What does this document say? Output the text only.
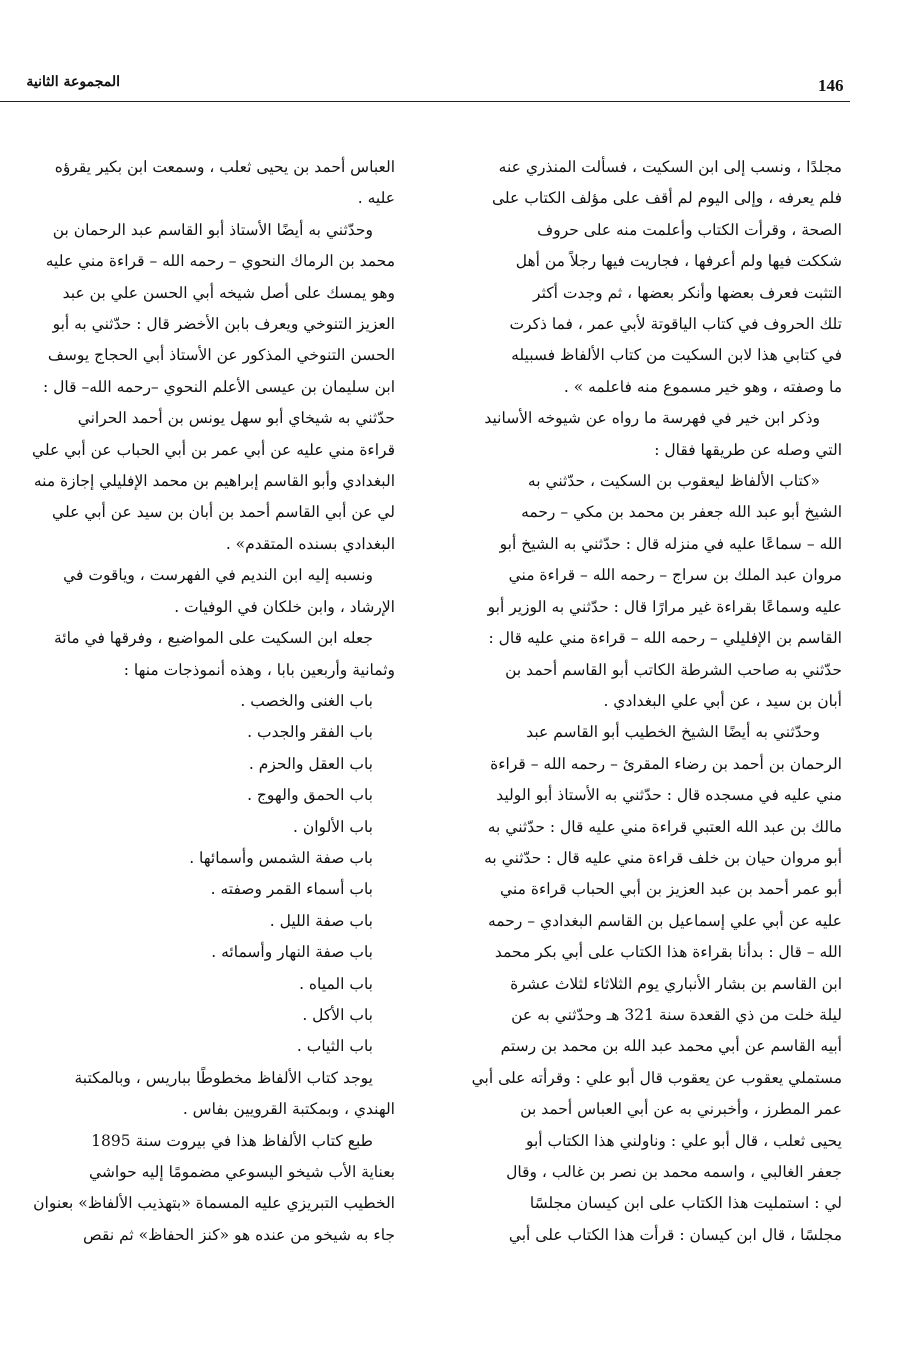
146
المجموعة الثانية
مجلدًا ، ونسب إلى ابن السكيت ، فسألت المنذري عنه
فلم يعرفه ، وإلى اليوم لم أقف على مؤلف الكتاب على
الصحة ، وقرأت الكتاب وأعلمت منه على حروف
شككت فيها ولم أعرفها ، فجاريت فيها رجلاً من أهل
التثبت فعرف بعضها وأنكر بعضها ، ثم وجدت أكثر
تلك الحروف في كتاب الياقوتة لأبي عمر ، فما ذكرت
في كتابي هذا لابن السكيت من كتاب الألفاظ فسبيله
ما وصفته ، وهو خير مسموع منه فاعلمه » .
وذكر ابن خير في فهرسة ما رواه عن شيوخه الأسانيد
التي وصله عن طريقها فقال :
«كتاب الألفاظ ليعقوب بن السكيت ، حدّثني به
الشيخ أبو عبد الله جعفر بن محمد بن مكي – رحمه
الله – سماعًا عليه في منزله قال : حدّثني به الشيخ أبو
مروان عبد الملك بن سراج – رحمه الله – قراءة مني
عليه وسماعًا بقراءة غير مرارًا قال : حدّثني به الوزير أبو
القاسم بن الإفليلي – رحمه الله – قراءة مني عليه قال :
حدّثني به صاحب الشرطة الكاتب أبو القاسم أحمد بن
أبان بن سيد ، عن أبي علي البغدادي .
وحدّثني به أيضًا الشيخ الخطيب أبو القاسم عبد
الرحمان بن أحمد بن رضاء المقرئ – رحمه الله – قراءة
مني عليه في مسجده قال : حدّثني به الأستاذ أبو الوليد
مالك بن عبد الله العتبي قراءة مني عليه قال : حدّثني به
أبو مروان حيان بن خلف قراءة مني عليه قال : حدّثني به
أبو عمر أحمد بن عبد العزيز بن أبي الحباب قراءة مني
عليه عن أبي علي إسماعيل بن القاسم البغدادي – رحمه
الله – قال : بدأنا بقراءة هذا الكتاب على أبي بكر محمد
ابن القاسم بن بشار الأنباري يوم الثلاثاء لثلاث عشرة
ليلة خلت من ذي القعدة سنة 321 هـ وحدّثني به عن
أبيه القاسم عن أبي محمد عبد الله بن محمد بن رستم
مستملي يعقوب عن يعقوب قال أبو علي : وقرأته على أبي
عمر المطرز ، وأخبرني به عن أبي العباس أحمد بن
يحيى ثعلب ، قال أبو علي : وناولني هذا الكتاب أبو
جعفر الغالبي ، واسمه محمد بن نصر بن غالب ، وقال
لي : استمليت هذا الكتاب على ابن كيسان مجلسًا
مجلسًا ، قال ابن كيسان : قرأت هذا الكتاب على أبي
العباس أحمد بن يحيى ثعلب ، وسمعت ابن بكير يقرؤه
عليه .
وحدّثني به أيضًا الأستاذ أبو القاسم عبد الرحمان بن
محمد بن الرماك النحوي – رحمه الله – قراءة مني عليه
وهو يمسك على أصل شيخه أبي الحسن علي بن عبد
العزيز التنوخي ويعرف بابن الأخضر قال : حدّثني به أبو
الحسن التنوخي المذكور عن الأستاذ أبي الحجاج يوسف
ابن سليمان بن عيسى الأعلم النحوي –رحمه الله– قال :
حدّثني به شيخاي أبو سهل يونس بن أحمد الحراني
قراءة مني عليه عن أبي عمر بن أبي الحباب عن أبي علي
البغدادي وأبو القاسم إبراهيم بن محمد الإفليلي إجازة منه
لي عن أبي القاسم أحمد بن أبان بن سيد عن أبي علي
البغدادي بسنده المتقدم» .
ونسبه إليه ابن النديم في الفهرست ، وياقوت في
الإرشاد ، وابن خلكان في الوفيات .
جعله ابن السكيت على المواضيع ، وفرقها في مائة
وثمانية وأربعين بابا ، وهذه أنموذجات منها :
باب الغنى والخصب .
باب الفقر والجدب .
باب العقل والحزم .
باب الحمق والهوج .
باب الألوان .
باب صفة الشمس وأسمائها .
باب أسماء القمر وصفته .
باب صفة الليل .
باب صفة النهار وأسمائه .
باب المياه .
باب الأكل .
باب الثياب .
يوجد كتاب الألفاظ مخطوطًا بباريس ، وبالمكتبة
الهندي ، وبمكتبة القرويين بفاس .
طبع كتاب الألفاظ هذا في بيروت سنة 1895
بعناية الأب شيخو اليسوعي مضمومًا إليه حواشي
الخطيب التبريزي عليه المسماة «بتهذيب الألفاظ» بعنوان
جاء به شيخو من عنده هو «كنز الحفاظ» ثم نقص
